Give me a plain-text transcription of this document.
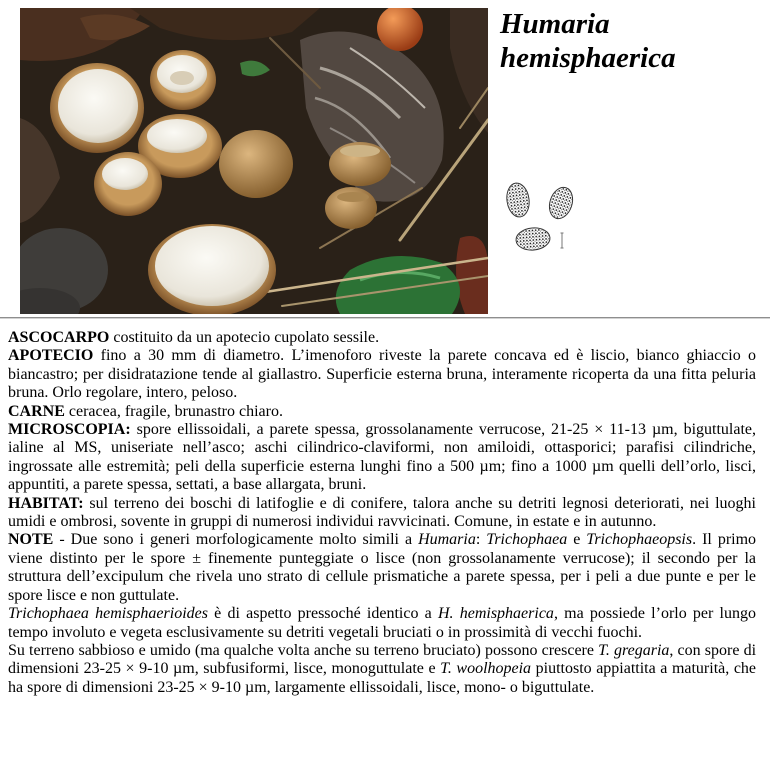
Humaria
hemisphaerica

ASCOCARPO costituito da un apotecio cupolato sessile.

APOTECIO fino a 30 mm di diametro. L’imenoforo riveste la parete concava ed è liscio, bianco ghiaccio o biancastro; per disidratazione tende al giallastro. Superficie esterna bruna, interamente ricoperta da una fitta peluria bruna. Orlo regolare, intero, peloso.

CARNE ceracea, fragile, brunastro chiaro.

MICROSCOPIA: spore ellissoidali, a parete spessa, grossolanamente verrucose, 21-25 × 11-13 µm, biguttulate, ialine al MS, uniseriate nell’asco; aschi cilindrico-claviformi, non amiloidi, ottasporici; parafisi cilindriche, ingrossate alle estremità; peli della superficie esterna lunghi fino a 500 µm; fino a 1000 µm quelli dell’orlo, lisci, appuntiti, a parete spessa, settati, a base allargata, bruni.

HABITAT: sul terreno dei boschi di latifoglie e di conifere, talora anche su detriti legnosi deteriorati, nei luoghi umidi e ombrosi, sovente in gruppi di numerosi individui ravvicinati. Comune, in estate e in autunno.

NOTE - Due sono i generi morfologicamente molto simili a Humaria: Trichophaea e Trichophaeopsis. Il primo viene distinto per le spore ± finemente punteggiate o lisce (non grossolanamente verrucose); il secondo per la struttura dell’excipulum che rivela uno strato di cellule prismatiche a parete spessa, per i peli a due punte e per le spore lisce e non guttulate.

Trichophaea hemisphaerioides è di aspetto pressoché identico a H. hemisphaerica, ma possiede l’orlo per lungo tempo involuto e vegeta esclusivamente su detriti vegetali bruciati o in prossimità di vecchi fuochi.

Su terreno sabbioso e umido (ma qualche volta anche su terreno bruciato) possono crescere T. gregaria, con spore di dimensioni 23-25 × 9-10 µm, subfusiformi, lisce, monoguttulate e T. woolhopeia piuttosto appiattita a maturità, che ha spore di dimensioni 23-25 × 9-10 µm, largamente ellissoidali, lisce, mono- o biguttulate.
